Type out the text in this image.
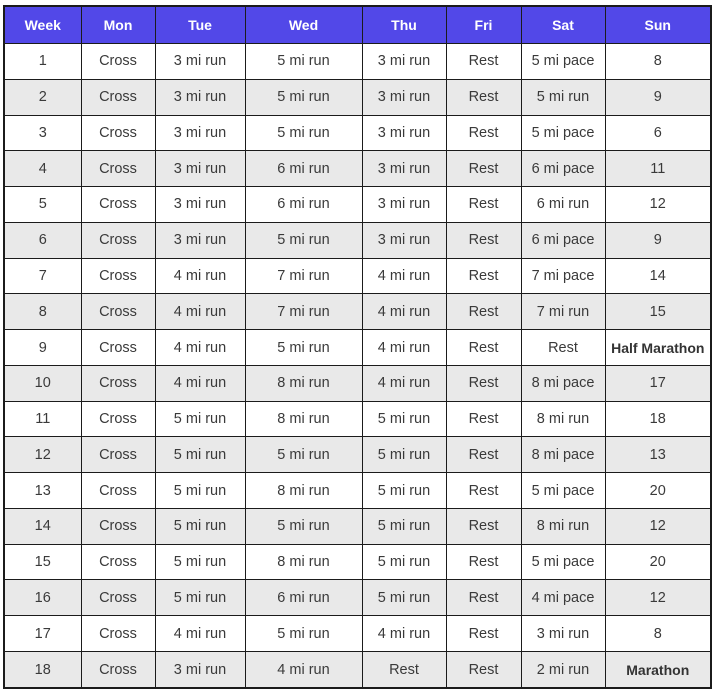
Week	Mon	Tue	Wed	Thu	Fri	Sat	Sun
1	Cross	3 mi run	5 mi run	3 mi run	Rest	5 mi pace	8
2	Cross	3 mi run	5 mi run	3 mi run	Rest	5 mi run	9
3	Cross	3 mi run	5 mi run	3 mi run	Rest	5 mi pace	6
4	Cross	3 mi run	6 mi run	3 mi run	Rest	6 mi pace	11
5	Cross	3 mi run	6 mi run	3 mi run	Rest	6 mi run	12
6	Cross	3 mi run	5 mi run	3 mi run	Rest	6 mi pace	9
7	Cross	4 mi run	7 mi run	4 mi run	Rest	7 mi pace	14
8	Cross	4 mi run	7 mi run	4 mi run	Rest	7 mi run	15
9	Cross	4 mi run	5 mi run	4 mi run	Rest	Rest	Half Marathon
10	Cross	4 mi run	8 mi run	4 mi run	Rest	8 mi pace	17
11	Cross	5 mi run	8 mi run	5 mi run	Rest	8 mi run	18
12	Cross	5 mi run	5 mi run	5 mi run	Rest	8 mi pace	13
13	Cross	5 mi run	8 mi run	5 mi run	Rest	5 mi pace	20
14	Cross	5 mi run	5 mi run	5 mi run	Rest	8 mi run	12
15	Cross	5 mi run	8 mi run	5 mi run	Rest	5 mi pace	20
16	Cross	5 mi run	6 mi run	5 mi run	Rest	4 mi pace	12
17	Cross	4 mi run	5 mi run	4 mi run	Rest	3 mi run	8
18	Cross	3 mi run	4 mi run	Rest	Rest	2 mi run	Marathon
